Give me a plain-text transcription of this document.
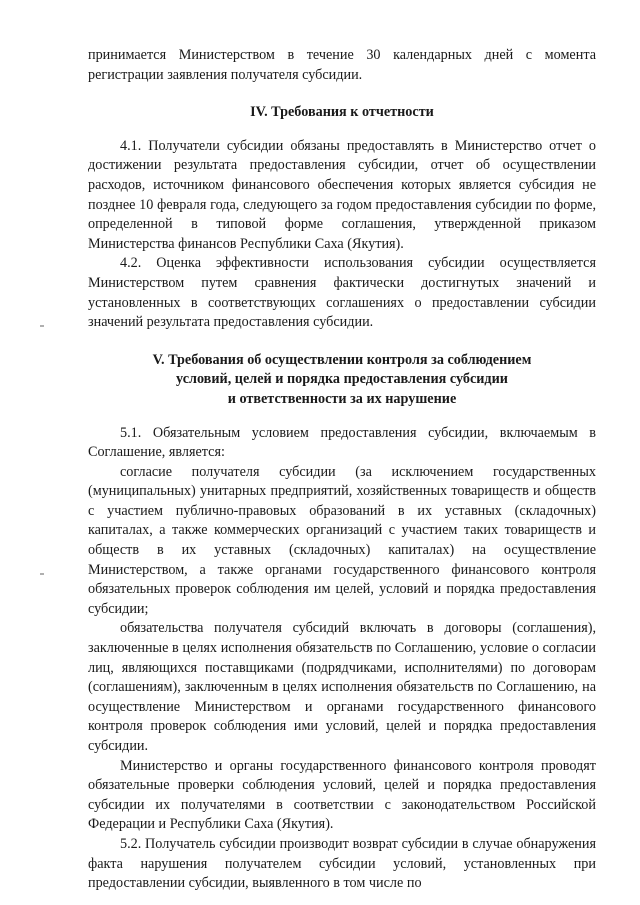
принимается Министерством в течение 30 календарных дней с момента регистрации заявления получателя субсидии.

IV. Требования к отчетности

4.1. Получатели субсидии обязаны предоставлять в Министерство отчет о достижении результата предоставления субсидии, отчет об осуществлении расходов, источником финансового обеспечения которых является субсидия не позднее 10 февраля года, следующего за годом предоставления субсидии по форме, определенной в типовой форме соглашения, утвержденной приказом Министерства финансов Республики Саха (Якутия).

4.2. Оценка эффективности использования субсидии осуществляется Министерством путем сравнения фактически достигнутых значений и установленных в соответствующих соглашениях о предоставлении субсидии значений результата предоставления субсидии.

V. Требования об осуществлении контроля за соблюдением
условий, целей и порядка предоставления субсидии
и ответственности за их нарушение

5.1. Обязательным условием предоставления субсидии, включаемым в Соглашение, является:

согласие получателя субсидии (за исключением государственных (муниципальных) унитарных предприятий, хозяйственных товариществ и обществ с участием публично-правовых образований в их уставных (складочных) капиталах, а также коммерческих организаций с участием таких товариществ и обществ в их уставных (складочных) капиталах) на осуществление Министерством, а также органами государственного финансового контроля обязательных проверок соблюдения им целей, условий и порядка предоставления субсидии;

обязательства получателя субсидий включать в договоры (соглашения), заключенные в целях исполнения обязательств по Соглашению, условие о согласии лиц, являющихся поставщиками (подрядчиками, исполнителями) по договорам (соглашениям), заключенным в целях исполнения обязательств по Соглашению, на осуществление Министерством и органами государственного финансового контроля проверок соблюдения ими условий, целей и порядка предоставления субсидии.

Министерство и органы государственного финансового контроля проводят обязательные проверки соблюдения условий, целей и порядка предоставления субсидии их получателями в соответствии с законодательством Российской Федерации и Республики Саха (Якутия).

5.2. Получатель субсидии производит возврат субсидии в случае обнаружения факта нарушения получателем субсидии условий, установленных при предоставлении субсидии, выявленного в том числе по
